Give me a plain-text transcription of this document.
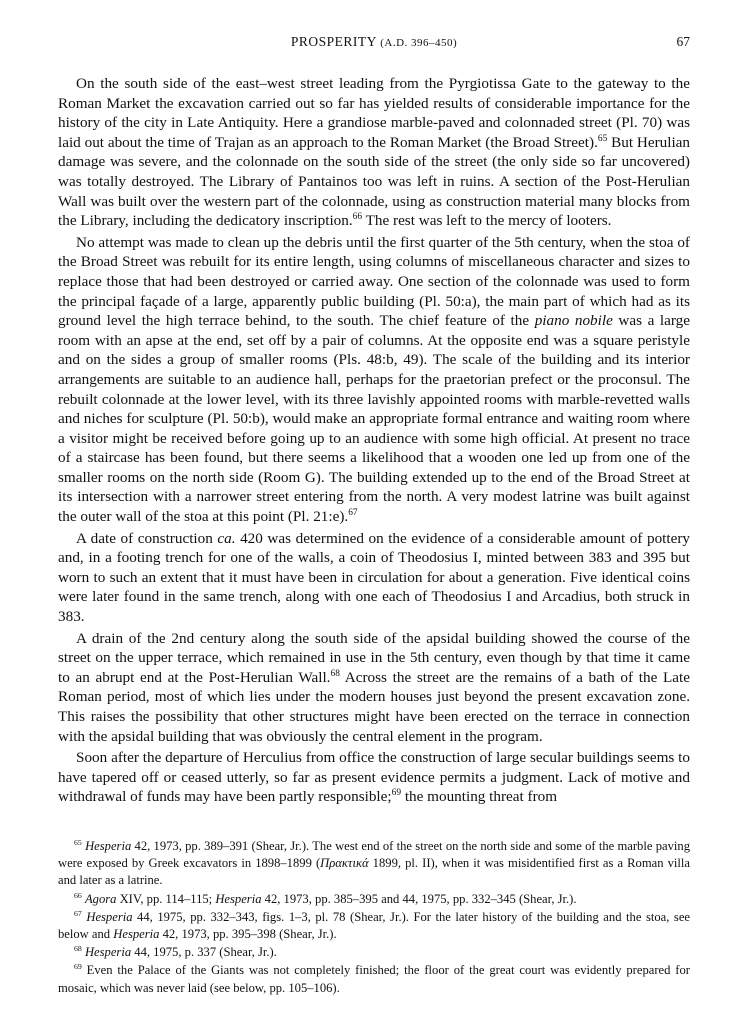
PROSPERITY (A.D. 396–450)	67

On the south side of the east–west street leading from the Pyrgiotissa Gate to the gateway to the Roman Market the excavation carried out so far has yielded results of considerable importance for the history of the city in Late Antiquity. Here a grandiose marble-paved and colonnaded street (Pl. 70) was laid out about the time of Trajan as an approach to the Roman Market (the Broad Street).$^{65}$ But Herulian damage was severe, and the colonnade on the south side of the street (the only side so far uncovered) was totally destroyed. The Library of Pantainos too was left in ruins. A section of the Post-Herulian Wall was built over the western part of the colonnade, using as construction material many blocks from the Library, including the dedicatory inscription.$^{66}$ The rest was left to the mercy of looters.

No attempt was made to clean up the debris until the first quarter of the 5th century, when the stoa of the Broad Street was rebuilt for its entire length, using columns of miscellaneous character and sizes to replace those that had been destroyed or carried away. One section of the colonnade was used to form the principal façade of a large, apparently public building (Pl. 50:a), the main part of which had as its ground level the high terrace behind, to the south. The chief feature of the piano nobile was a large room with an apse at the end, set off by a pair of columns. At the opposite end was a square peristyle and on the sides a group of smaller rooms (Pls. 48:b, 49). The scale of the building and its interior arrangements are suitable to an audience hall, perhaps for the praetorian prefect or the proconsul. The rebuilt colonnade at the lower level, with its three lavishly appointed rooms with marble-revetted walls and niches for sculpture (Pl. 50:b), would make an appropriate formal entrance and waiting room where a visitor might be received before going up to an audience with some high official. At present no trace of a staircase has been found, but there seems a likelihood that a wooden one led up from one of the smaller rooms on the north side (Room G). The building extended up to the end of the Broad Street at its intersection with a narrower street entering from the north. A very modest latrine was built against the outer wall of the stoa at this point (Pl. 21:e).$^{67}$

A date of construction ca. 420 was determined on the evidence of a considerable amount of pottery and, in a footing trench for one of the walls, a coin of Theodosius I, minted between 383 and 395 but worn to such an extent that it must have been in circulation for about a generation. Five identical coins were later found in the same trench, along with one each of Theodosius I and Arcadius, both struck in 383.

A drain of the 2nd century along the south side of the apsidal building showed the course of the street on the upper terrace, which remained in use in the 5th century, even though by that time it came to an abrupt end at the Post-Herulian Wall.$^{68}$ Across the street are the remains of a bath of the Late Roman period, most of which lies under the modern houses just beyond the present excavation zone. This raises the possibility that other structures might have been erected on the terrace in connection with the apsidal building that was obviously the central element in the program.

Soon after the departure of Herculius from office the construction of large secular buildings seems to have tapered off or ceased utterly, so far as present evidence permits a judgment. Lack of motive and withdrawal of funds may have been partly responsible;$^{69}$ the mounting threat from

$^{65}$ Hesperia 42, 1973, pp. 389–391 (Shear, Jr.). The west end of the street on the north side and some of the marble paving were exposed by Greek excavators in 1898–1899 (Πρακτικά 1899, pl. II), when it was misidentified first as a Roman villa and later as a latrine.

$^{66}$ Agora XIV, pp. 114–115; Hesperia 42, 1973, pp. 385–395 and 44, 1975, pp. 332–345 (Shear, Jr.).

$^{67}$ Hesperia 44, 1975, pp. 332–343, figs. 1–3, pl. 78 (Shear, Jr.). For the later history of the building and the stoa, see below and Hesperia 42, 1973, pp. 395–398 (Shear, Jr.).

$^{68}$ Hesperia 44, 1975, p. 337 (Shear, Jr.).

$^{69}$ Even the Palace of the Giants was not completely finished; the floor of the great court was evidently prepared for mosaic, which was never laid (see below, pp. 105–106).
